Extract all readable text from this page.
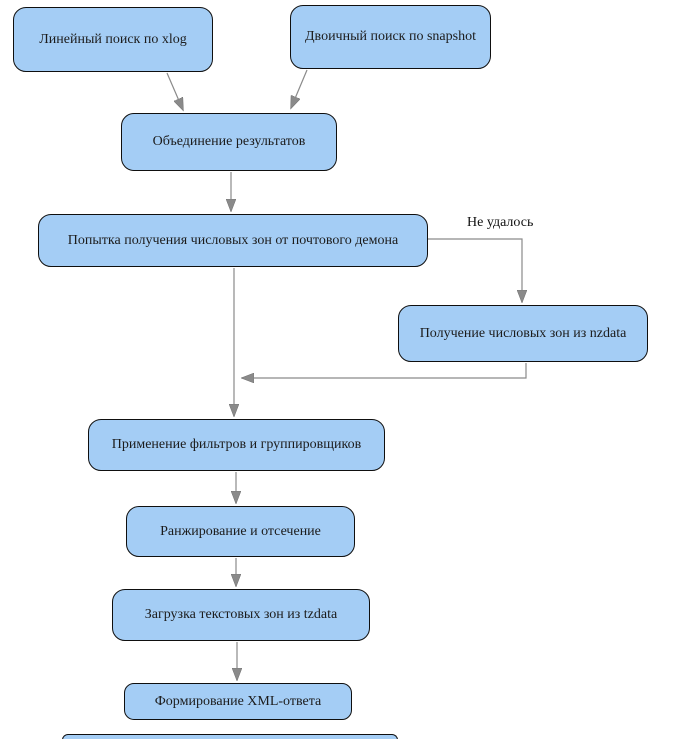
Линейный поиск по xlog	Двоичный поиск по snapshot
Объединение результатов
Попытка получения числовых зон от почтового демона
Получение числовых зон из nzdata
Применение фильтров и группировщиков
Ранжирование и отсечение
Загрузка текстовых зон из tzdata
Формирование XML-ответа
Не удалось
